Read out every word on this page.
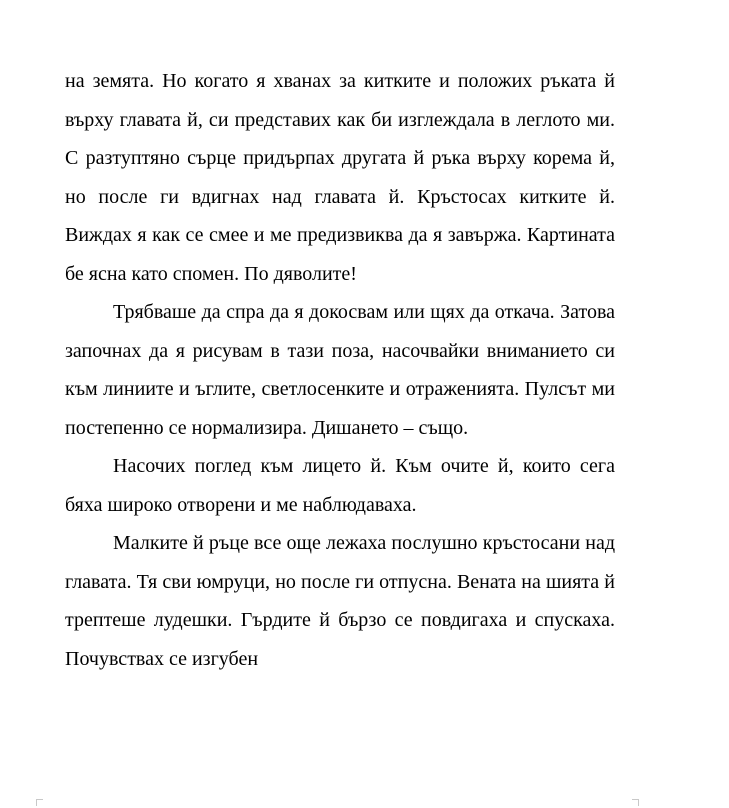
на земята. Но когато я хванах за китките и положих ръката й върху главата й, си представих как би изглеждала в леглото ми. С разтуптяно сърце придърпах другата й ръка върху корема й, но после ги вдигнах над главата й. Кръстосах китките й. Виждах я как се смее и ме предизвиква да я завържа. Картината бе ясна като спомен. По дяволите!

Трябваше да спра да я докосвам или щях да откача. Затова започнах да я рисувам в тази поза, насочвайки вниманието си към линиите и ъглите, светлосенките и отраженията. Пулсът ми постепенно се нормализира. Дишането – също.

Насочих поглед към лицето й. Към очите й, които сега бяха широко отворени и ме наблюдаваха.

Малките й ръце все още лежаха послушно кръстосани над главата. Тя сви юмруци, но после ги отпусна. Вената на шията й трептеше лудешки. Гърдите й бързо се повдигаха и спускаха. Почувствах се изгубен
